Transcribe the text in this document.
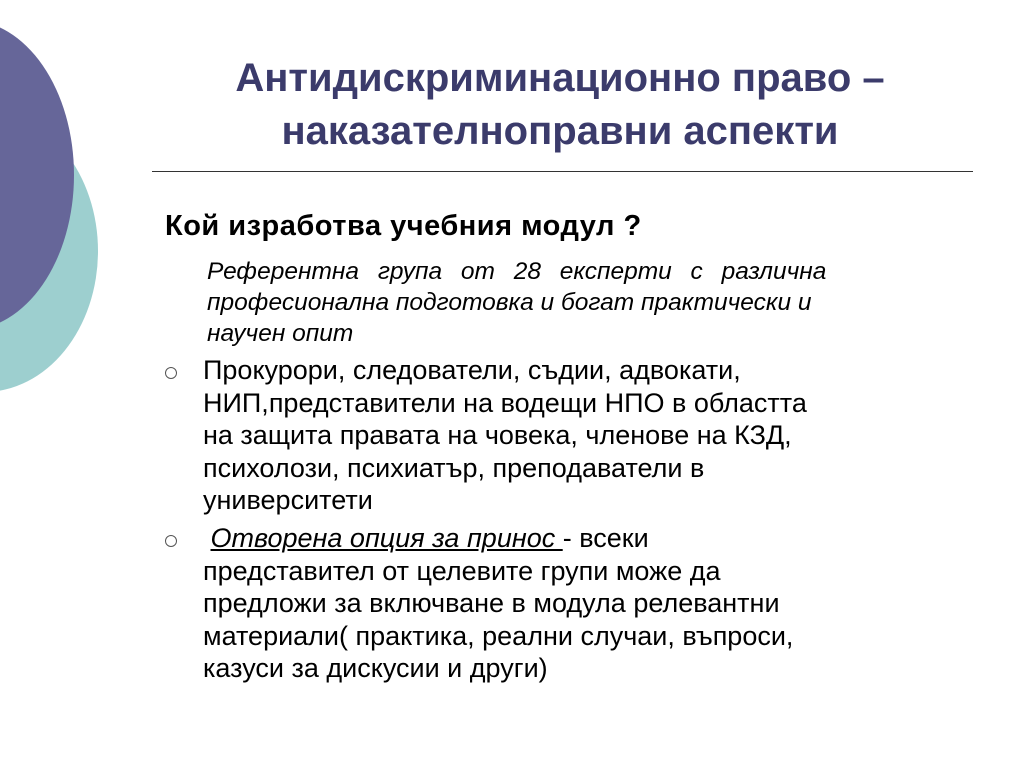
Антидискриминационно право –
наказателноправни аспекти
Кой изработва учебния модул ?
Референтна група от 28 експерти с различна
професионална подготовка и богат практически и
научен опит
Прокурори, следователи, съдии, адвокати,
НИП,представители на водещи НПО в областта
на защита правата на човека, членове на КЗД,
психолози, психиатър, преподаватели в
университети
Отворена опция за принос - всеки
представител от целевите групи може да
предложи за включване в модула релевантни
материали( практика, реални случаи, въпроси,
казуси за дискусии и други)
